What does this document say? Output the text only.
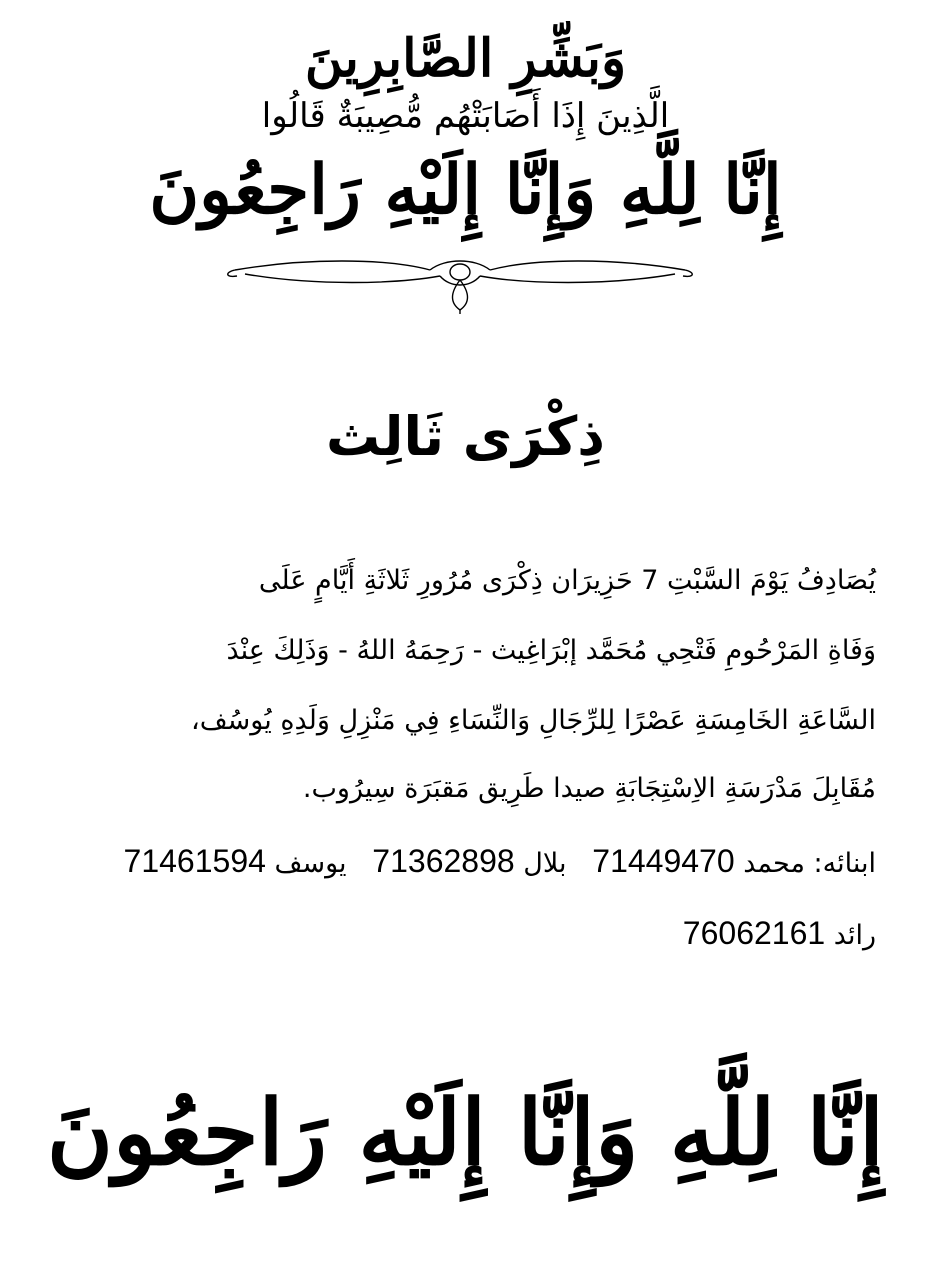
وَبَشِّرِ الصَّابِرِينَ
الَّذِينَ إِذَا أَصَابَتْهُم مُّصِيبَةٌ قَالُوا
إِنَّا لِلَّهِ وَإِنَّا إِلَيْهِ رَاجِعُونَ
ذِكْرَى ثَالِث
يُصَادِفُ يَوْمَ السَّبْتِ 7 حَزِيرَان ذِكْرَى مُرُورِ ثَلاثَةِ أَيَّامٍ عَلَى
وَفَاةِ المَرْحُومِ فَتْحِي مُحَمَّد إبْرَاغِيث - رَحِمَهُ اللهُ - وَذَلِكَ عِنْدَ
السَّاعَةِ الخَامِسَةِ عَصْرًا لِلرِّجَالِ وَالنِّسَاءِ فِي مَنْزِلِ وَلَدِهِ يُوسُف،
مُقَابِلَ مَدْرَسَةِ الاِسْتِجَابَةِ صيدا طَرِيق مَقبَرَة سِيرُوب.
ابنائه: محمد 71449470   بلال 71362898   يوسف 71461594
رائد 76062161
إِنَّا لِلَّهِ وَإِنَّا إِلَيْهِ رَاجِعُونَ
